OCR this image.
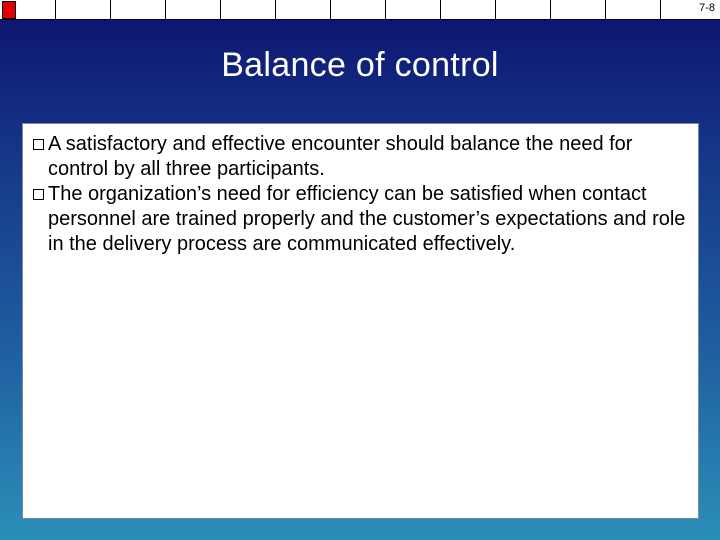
7-8
Balance of control
A satisfactory and effective encounter should balance the need for control by all three participants.
The organization’s need for efficiency can be satisfied when contact personnel are trained properly and the customer’s expectations and role in the delivery process are communicated effectively.
